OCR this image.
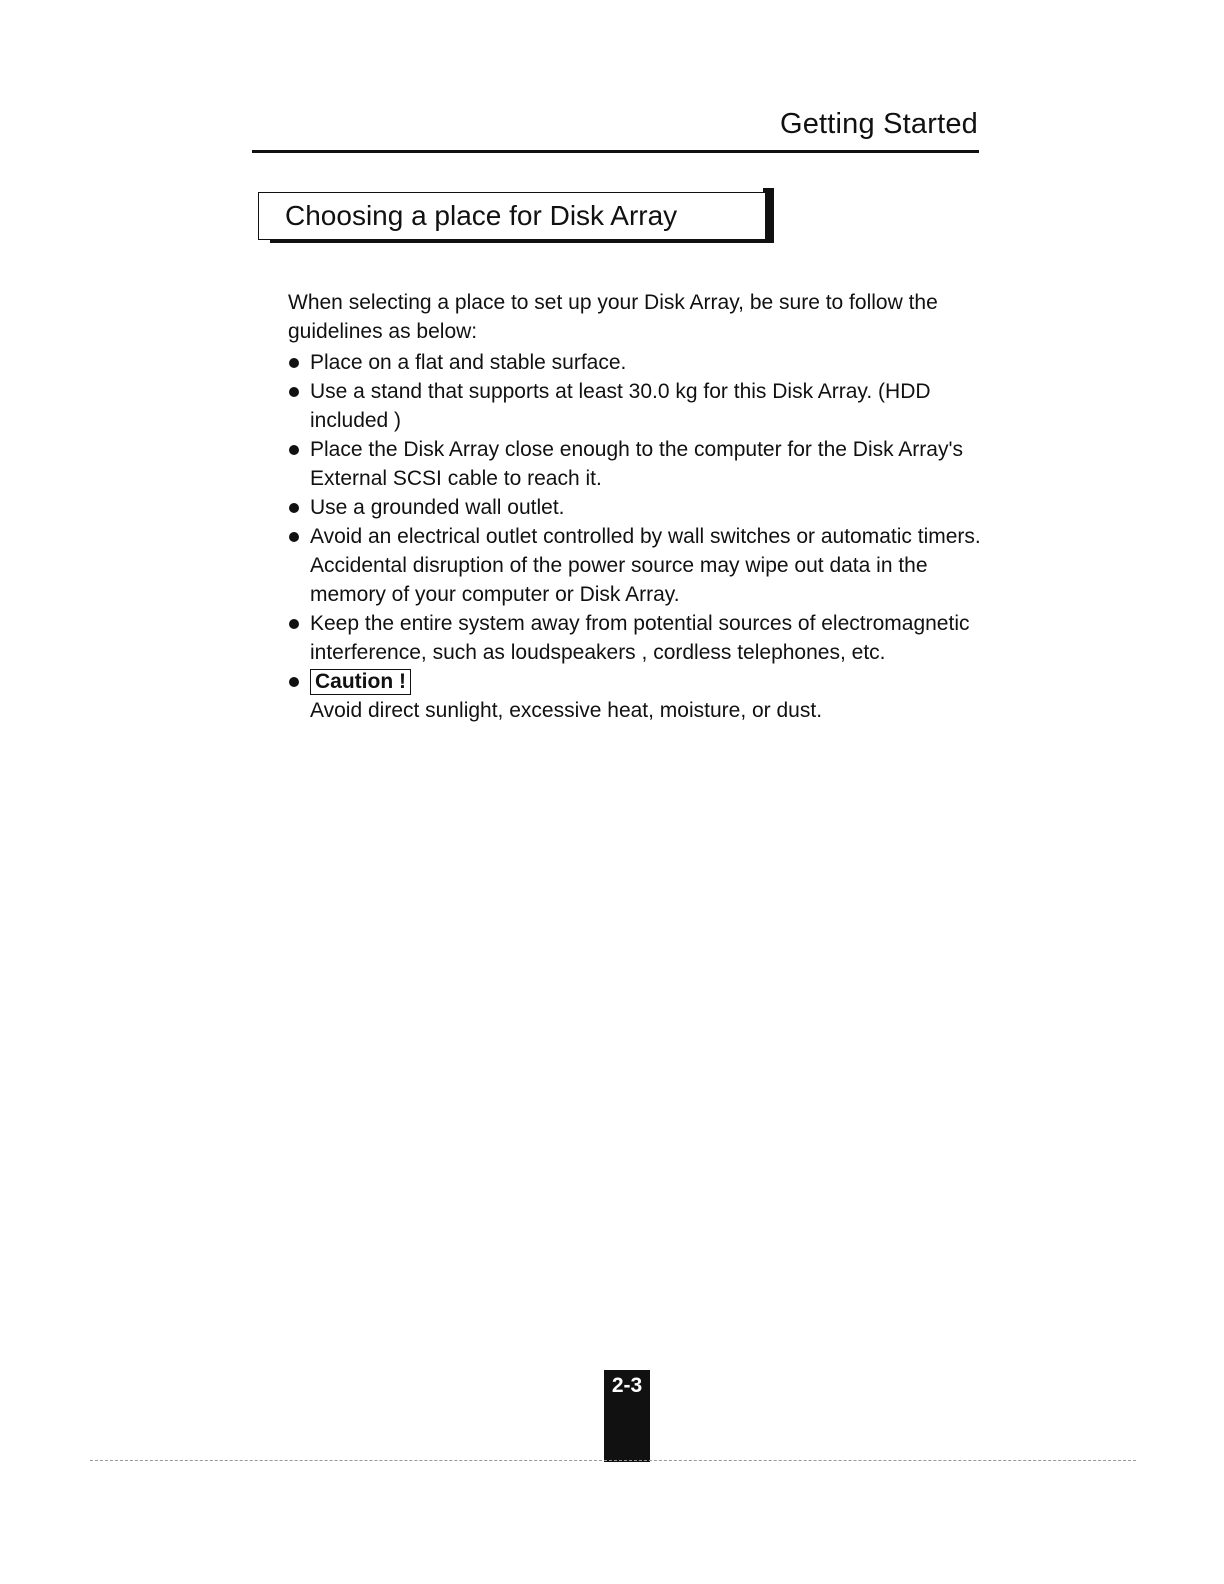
Getting Started
Choosing a place for Disk Array
When selecting a place to set up your Disk Array, be sure to follow the guidelines as below:
Place on a flat and stable surface.
Use a stand that supports at least 30.0 kg for this Disk Array. (HDD included )
Place the Disk Array close enough to the computer for the Disk Array's External SCSI cable to reach it.
Use a grounded wall outlet.
Avoid an electrical outlet controlled by wall switches or automatic timers. Accidental disruption of the power source may wipe out data in the memory of your computer or Disk Array.
Keep the entire system away from potential sources of electromagnetic interference, such as loudspeakers , cordless telephones, etc.
Caution !
Avoid direct sunlight, excessive heat, moisture, or dust.
2-3
